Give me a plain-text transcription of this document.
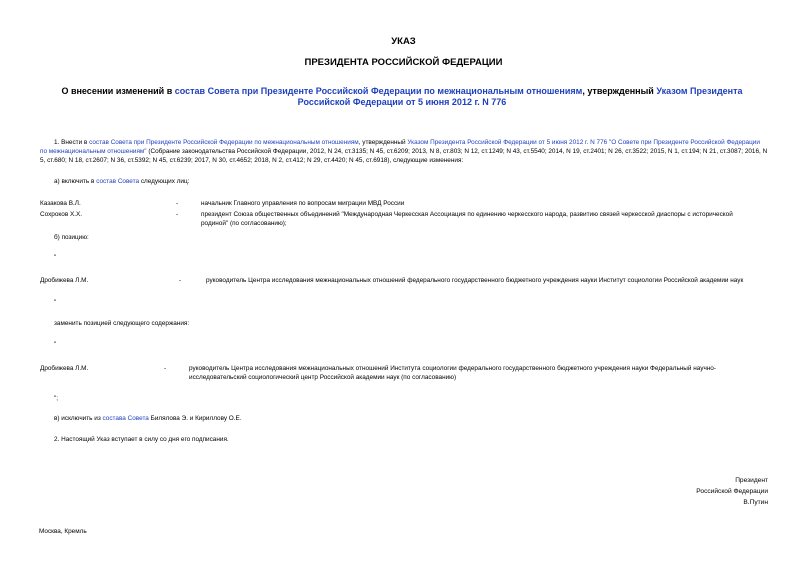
УКАЗ
ПРЕЗИДЕНТА РОССИЙСКОЙ ФЕДЕРАЦИИ
О внесении изменений в состав Совета при Президенте Российской Федерации по межнациональным отношениям, утвержденный Указом Президента Российской Федерации от 5 июня 2012 г. N 776
1. Внести в состав Совета при Президенте Российской Федерации по межнациональным отношениям, утвержденный Указом Президента Российской Федерации от 5 июня 2012 г. N 776 "О Совете при Президенте Российской Федерации по межнациональным отношениям" (Собрание законодательства Российской Федерации, 2012, N 24, ст.3135; N 45, ст.6209; 2013, N 8, ст.803; N 12, ст.1249; N 43, ст.5540; 2014, N 19, ст.2401; N 26, ст.3522; 2015, N 1, ст.194; N 21, ст.3087; 2016, N 5, ст.680; N 18, ст.2607; N 36, ст.5392; N 45, ст.6239; 2017, N 30, ст.4652; 2018, N 2, ст.412; N 29, ст.4420; N 45, ст.6918), следующие изменения:
а) включить в состав Совета следующих лиц:
Казакова В.Л.	-	начальник Главного управления по вопросам миграции МВД России
Сохроков Х.Х.	-	президент Союза общественных объединений "Международная Черкесская Ассоциация по единению черкесского народа, развитию связей черкесской диаспоры с исторической родиной" (по согласованию);
б) позицию:
"
Дробижева Л.М.	-	руководитель Центра исследования межнациональных отношений федерального государственного бюджетного учреждения науки Институт социологии Российской академии наук
"
заменить позицией следующего содержания:
"
Дробижева Л.М.	-	руководитель Центра исследования межнациональных отношений Института социологии федерального государственного бюджетного учреждения науки Федеральный научно-исследовательский социологический центр Российской академии наук (по согласованию)
";
в) исключить из состава Совета Билялова Э. и Кириллову О.Е.
2. Настоящий Указ вступает в силу со дня его подписания.
Президент
Российской Федерации
В.Путин
Москва, Кремль
